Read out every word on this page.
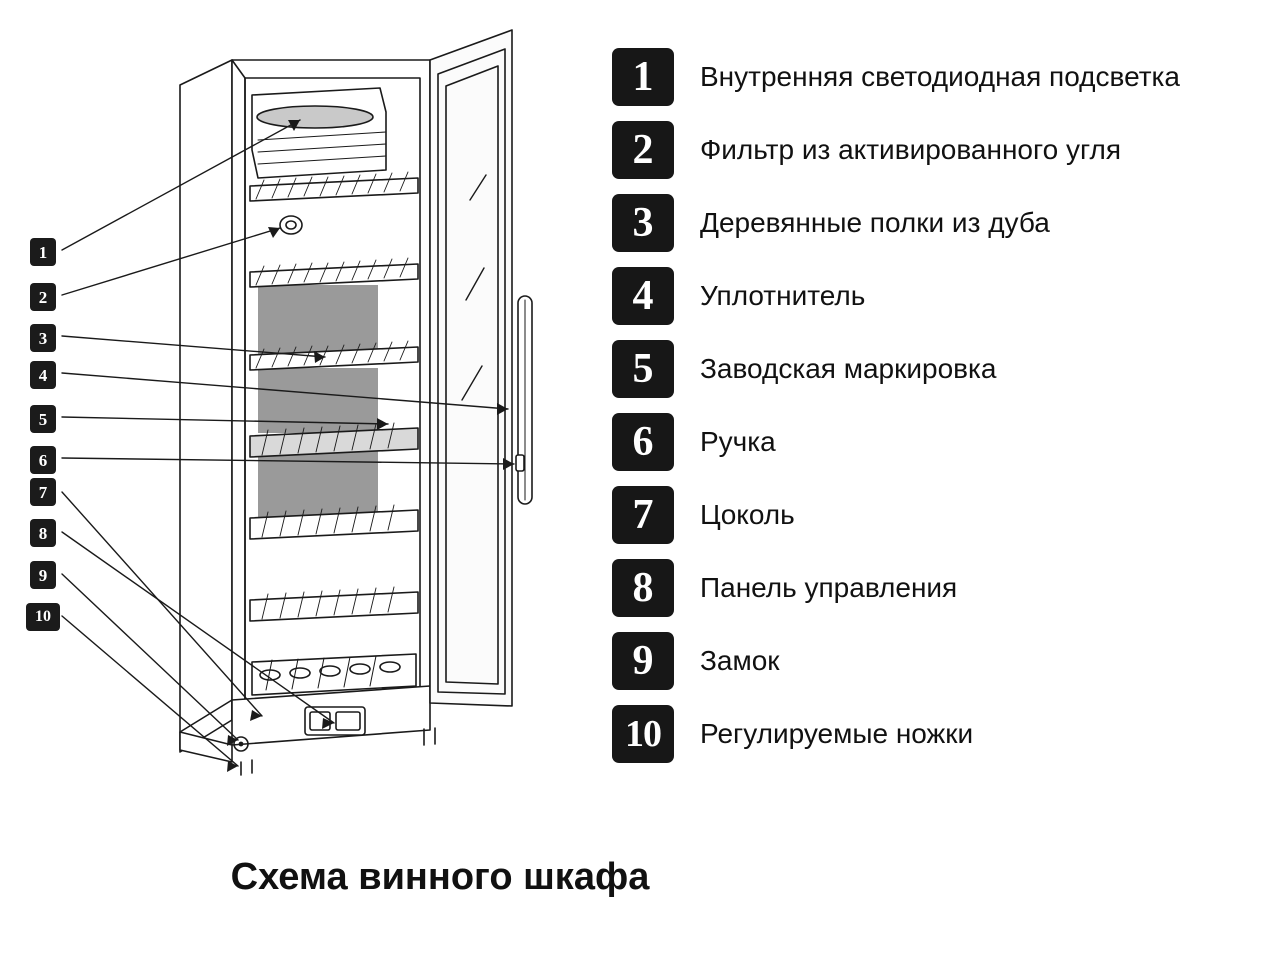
1
2
3
4
5
6
7
8
9
10
1	Внутренняя светодиодная подсветка
2	Фильтр из активированного угля
3	Деревянные полки из дуба
4	Уплотнитель
5	Заводская маркировка
6	Ручка
7	Цоколь
8	Панель управления
9	Замок
10	Регулируемые ножки
Схема винного шкафа
